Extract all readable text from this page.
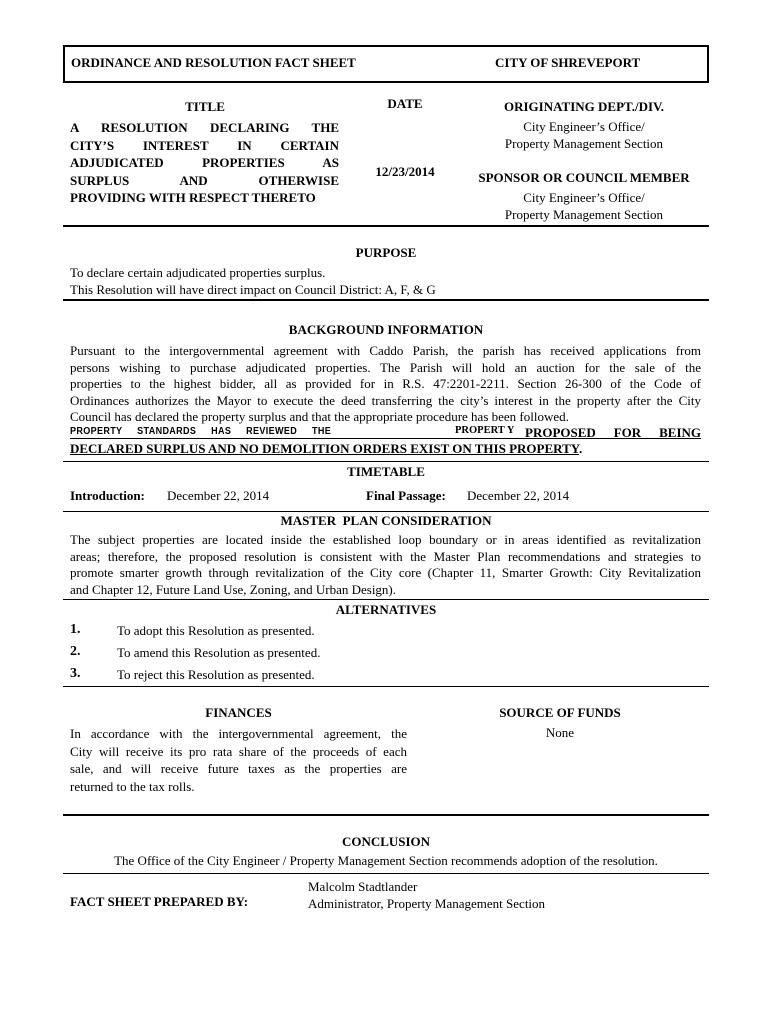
ORDINANCE AND RESOLUTION FACT SHEET	CITY OF SHREVEPORT
TITLE
A RESOLUTION DECLARING THE
CITY’S INTEREST IN CERTAIN
ADJUDICATED PROPERTIES AS
SURPLUS AND OTHERWISE
PROVIDING WITH RESPECT THERETO
DATE
12/23/2014
ORIGINATING DEPT./DIV.
City Engineer’s Office/
Property Management Section
SPONSOR OR COUNCIL MEMBER
City Engineer’s Office/
Property Management Section
PURPOSE
To declare certain adjudicated properties surplus.
This Resolution will have direct impact on Council District: A, F, & G
BACKGROUND INFORMATION
Pursuant to the intergovernmental agreement with Caddo Parish, the parish has received applications from
persons wishing to purchase adjudicated properties. The Parish will hold an auction for the sale of the
properties to the highest bidder, all as provided for in R.S. 47:2201-2211. Section 26-300 of the Code of
Ordinances authorizes the Mayor to execute the deed transferring the city’s interest in the property after the City
Council has declared the property surplus and that the appropriate procedure has been followed.
PROPERTY STANDARDS HAS REVIEWED THE	PROPERT Y PROPOSED FOR BEING
DECLARED SURPLUS AND NO DEMOLITION ORDERS EXIST ON THIS PROPERTY.
TIMETABLE
Introduction: December 22, 2014	Final Passage: December 22, 2014
MASTER  PLAN CONSIDERATION
The subject properties are located inside the established loop boundary or in areas identified as revitalization
areas; therefore, the proposed resolution is consistent with the Master Plan recommendations and strategies to
promote smarter growth through revitalization of the City core (Chapter 11, Smarter Growth: City Revitalization
and Chapter 12, Future Land Use, Zoning, and Urban Design).
ALTERNATIVES
1.	To adopt this Resolution as presented.
2.	To amend this Resolution as presented.
3.	To reject this Resolution as presented.
FINANCES
In accordance with the intergovernmental agreement, the
City will receive its pro rata share of the proceeds of each
sale, and will receive future taxes as the properties are
returned to the tax rolls.
SOURCE OF FUNDS
None
CONCLUSION
The Office of the City Engineer / Property Management Section recommends adoption of the resolution.
FACT SHEET PREPARED BY:
Malcolm Stadtlander
Administrator, Property Management Section
